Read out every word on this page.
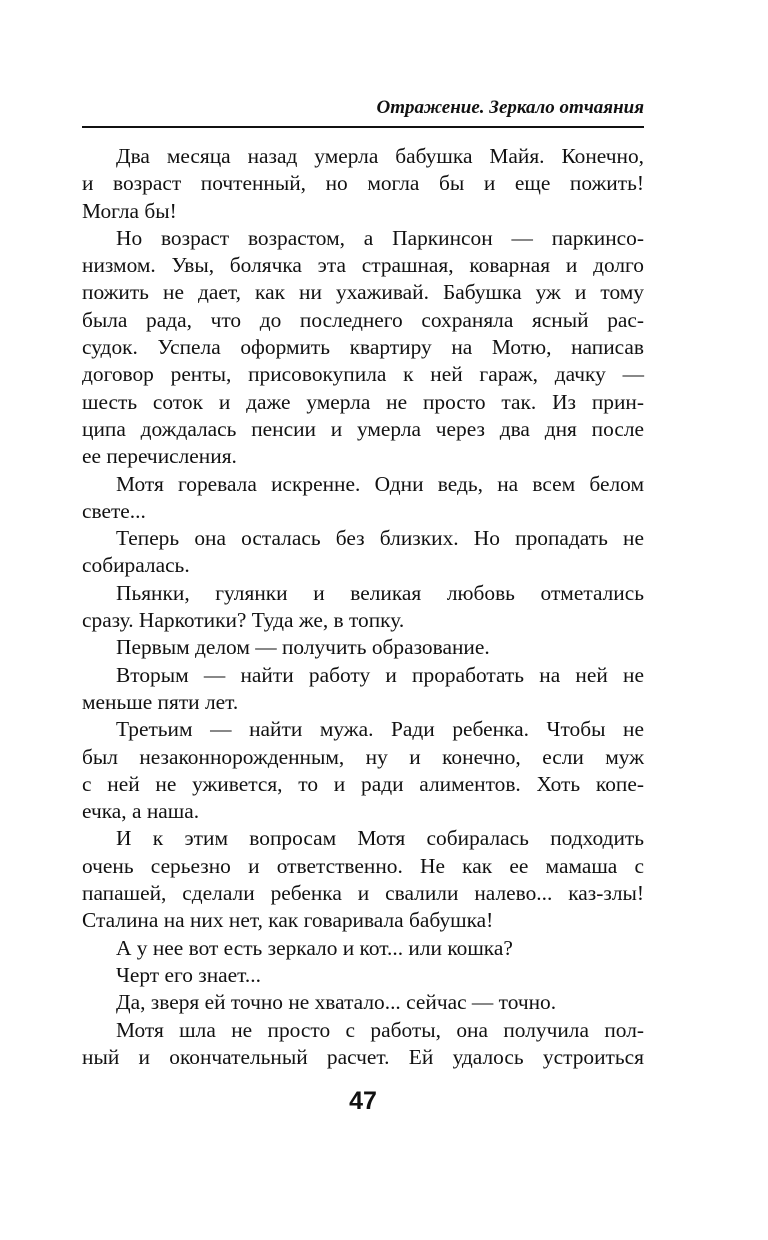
Отражение. Зеркало отчаяния
Два месяца назад умерла бабушка Майя. Конечно,
и возраст почтенный, но могла бы и еще пожить!
Могла бы!
Но возраст возрастом, а Паркинсон — паркинсо-
низмом. Увы, болячка эта страшная, коварная и долго
пожить не дает, как ни ухаживай. Бабушка уж и тому
была рада, что до последнего сохраняла ясный рас-
судок. Успела оформить квартиру на Мотю, написав
договор ренты, присовокупила к ней гараж, дачку —
шесть соток и даже умерла не просто так. Из прин-
ципа дождалась пенсии и умерла через два дня после
ее перечисления.
Мотя горевала искренне. Одни ведь, на всем белом
свете...
Теперь она осталась без близких. Но пропадать не
собиралась.
Пьянки, гулянки и великая любовь отметались
сразу. Наркотики? Туда же, в топку.
Первым делом — получить образование.
Вторым — найти работу и проработать на ней не
меньше пяти лет.
Третьим — найти мужа. Ради ребенка. Чтобы не
был незаконнорожденным, ну и конечно, если муж
с ней не уживется, то и ради алиментов. Хоть копе-
ечка, а наша.
И к этим вопросам Мотя собиралась подходить
очень серьезно и ответственно. Не как ее мамаша с
папашей, сделали ребенка и свалили налево... каз-злы!
Сталина на них нет, как говаривала бабушка!
А у нее вот есть зеркало и кот... или кошка?
Черт его знает...
Да, зверя ей точно не хватало... сейчас — точно.
Мотя шла не просто с работы, она получила пол-
ный и окончательный расчет. Ей удалось устроиться
47
